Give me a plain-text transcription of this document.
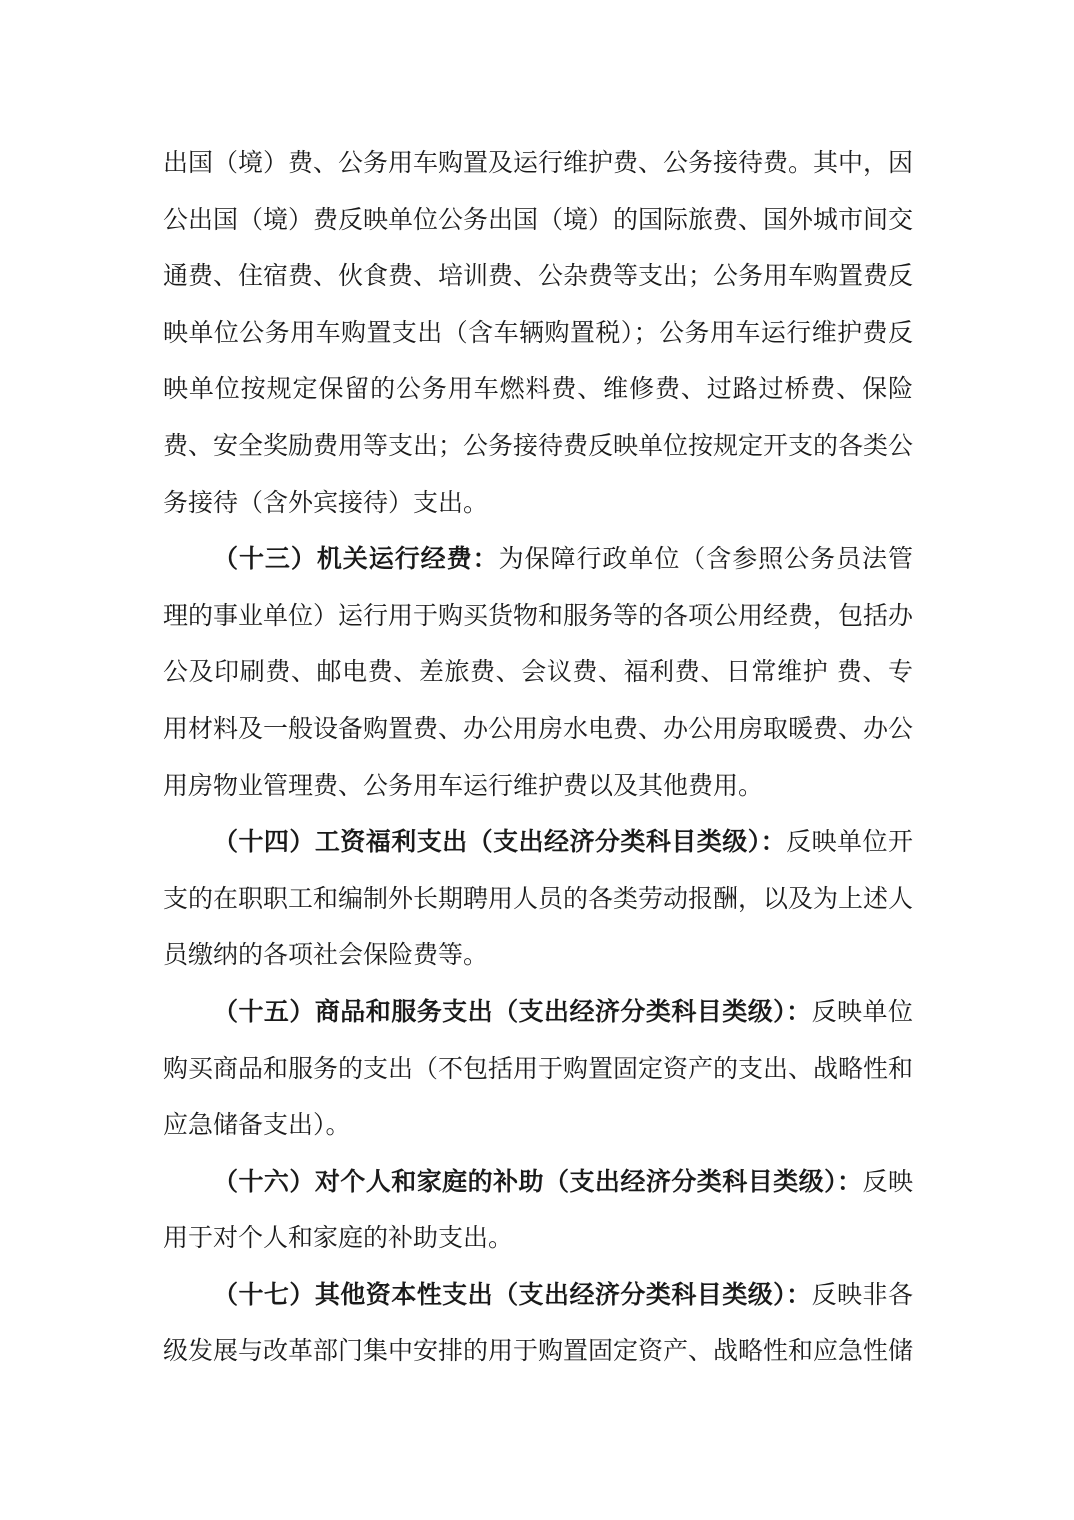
出国（境）费、公务用车购置及运行维护费、公务接待费。其中，因公出国（境）费反映单位公务出国（境）的国际旅费、国外城市间交通费、住宿费、伙食费、培训费、公杂费等支出；公务用车购置费反映单位公务用车购置支出（含车辆购置税）；公务用车运行维护费反映单位按规定保留的公务用车燃料费、维修费、过路过桥费、保险费、安全奖励费用等支出；公务接待费反映单位按规定开支的各类公务接待（含外宾接待）支出。

（十三）机关运行经费：为保障行政单位（含参照公务员法管理的事业单位）运行用于购买货物和服务等的各项公用经费，包括办公及印刷费、邮电费、差旅费、会议费、福利费、日常维护 费、专用材料及一般设备购置费、办公用房水电费、办公用房取暖费、办公用房物业管理费、公务用车运行维护费以及其他费用。

（十四）工资福利支出（支出经济分类科目类级）：反映单位开支的在职职工和编制外长期聘用人员的各类劳动报酬，以及为上述人员缴纳的各项社会保险费等。

（十五）商品和服务支出（支出经济分类科目类级）：反映单位购买商品和服务的支出（不包括用于购置固定资产的支出、战略性和应急储备支出）。

（十六）对个人和家庭的补助（支出经济分类科目类级）：反映用于对个人和家庭的补助支出。

（十七）其他资本性支出（支出经济分类科目类级）：反映非各级发展与改革部门集中安排的用于购置固定资产、战略性和应急性储
